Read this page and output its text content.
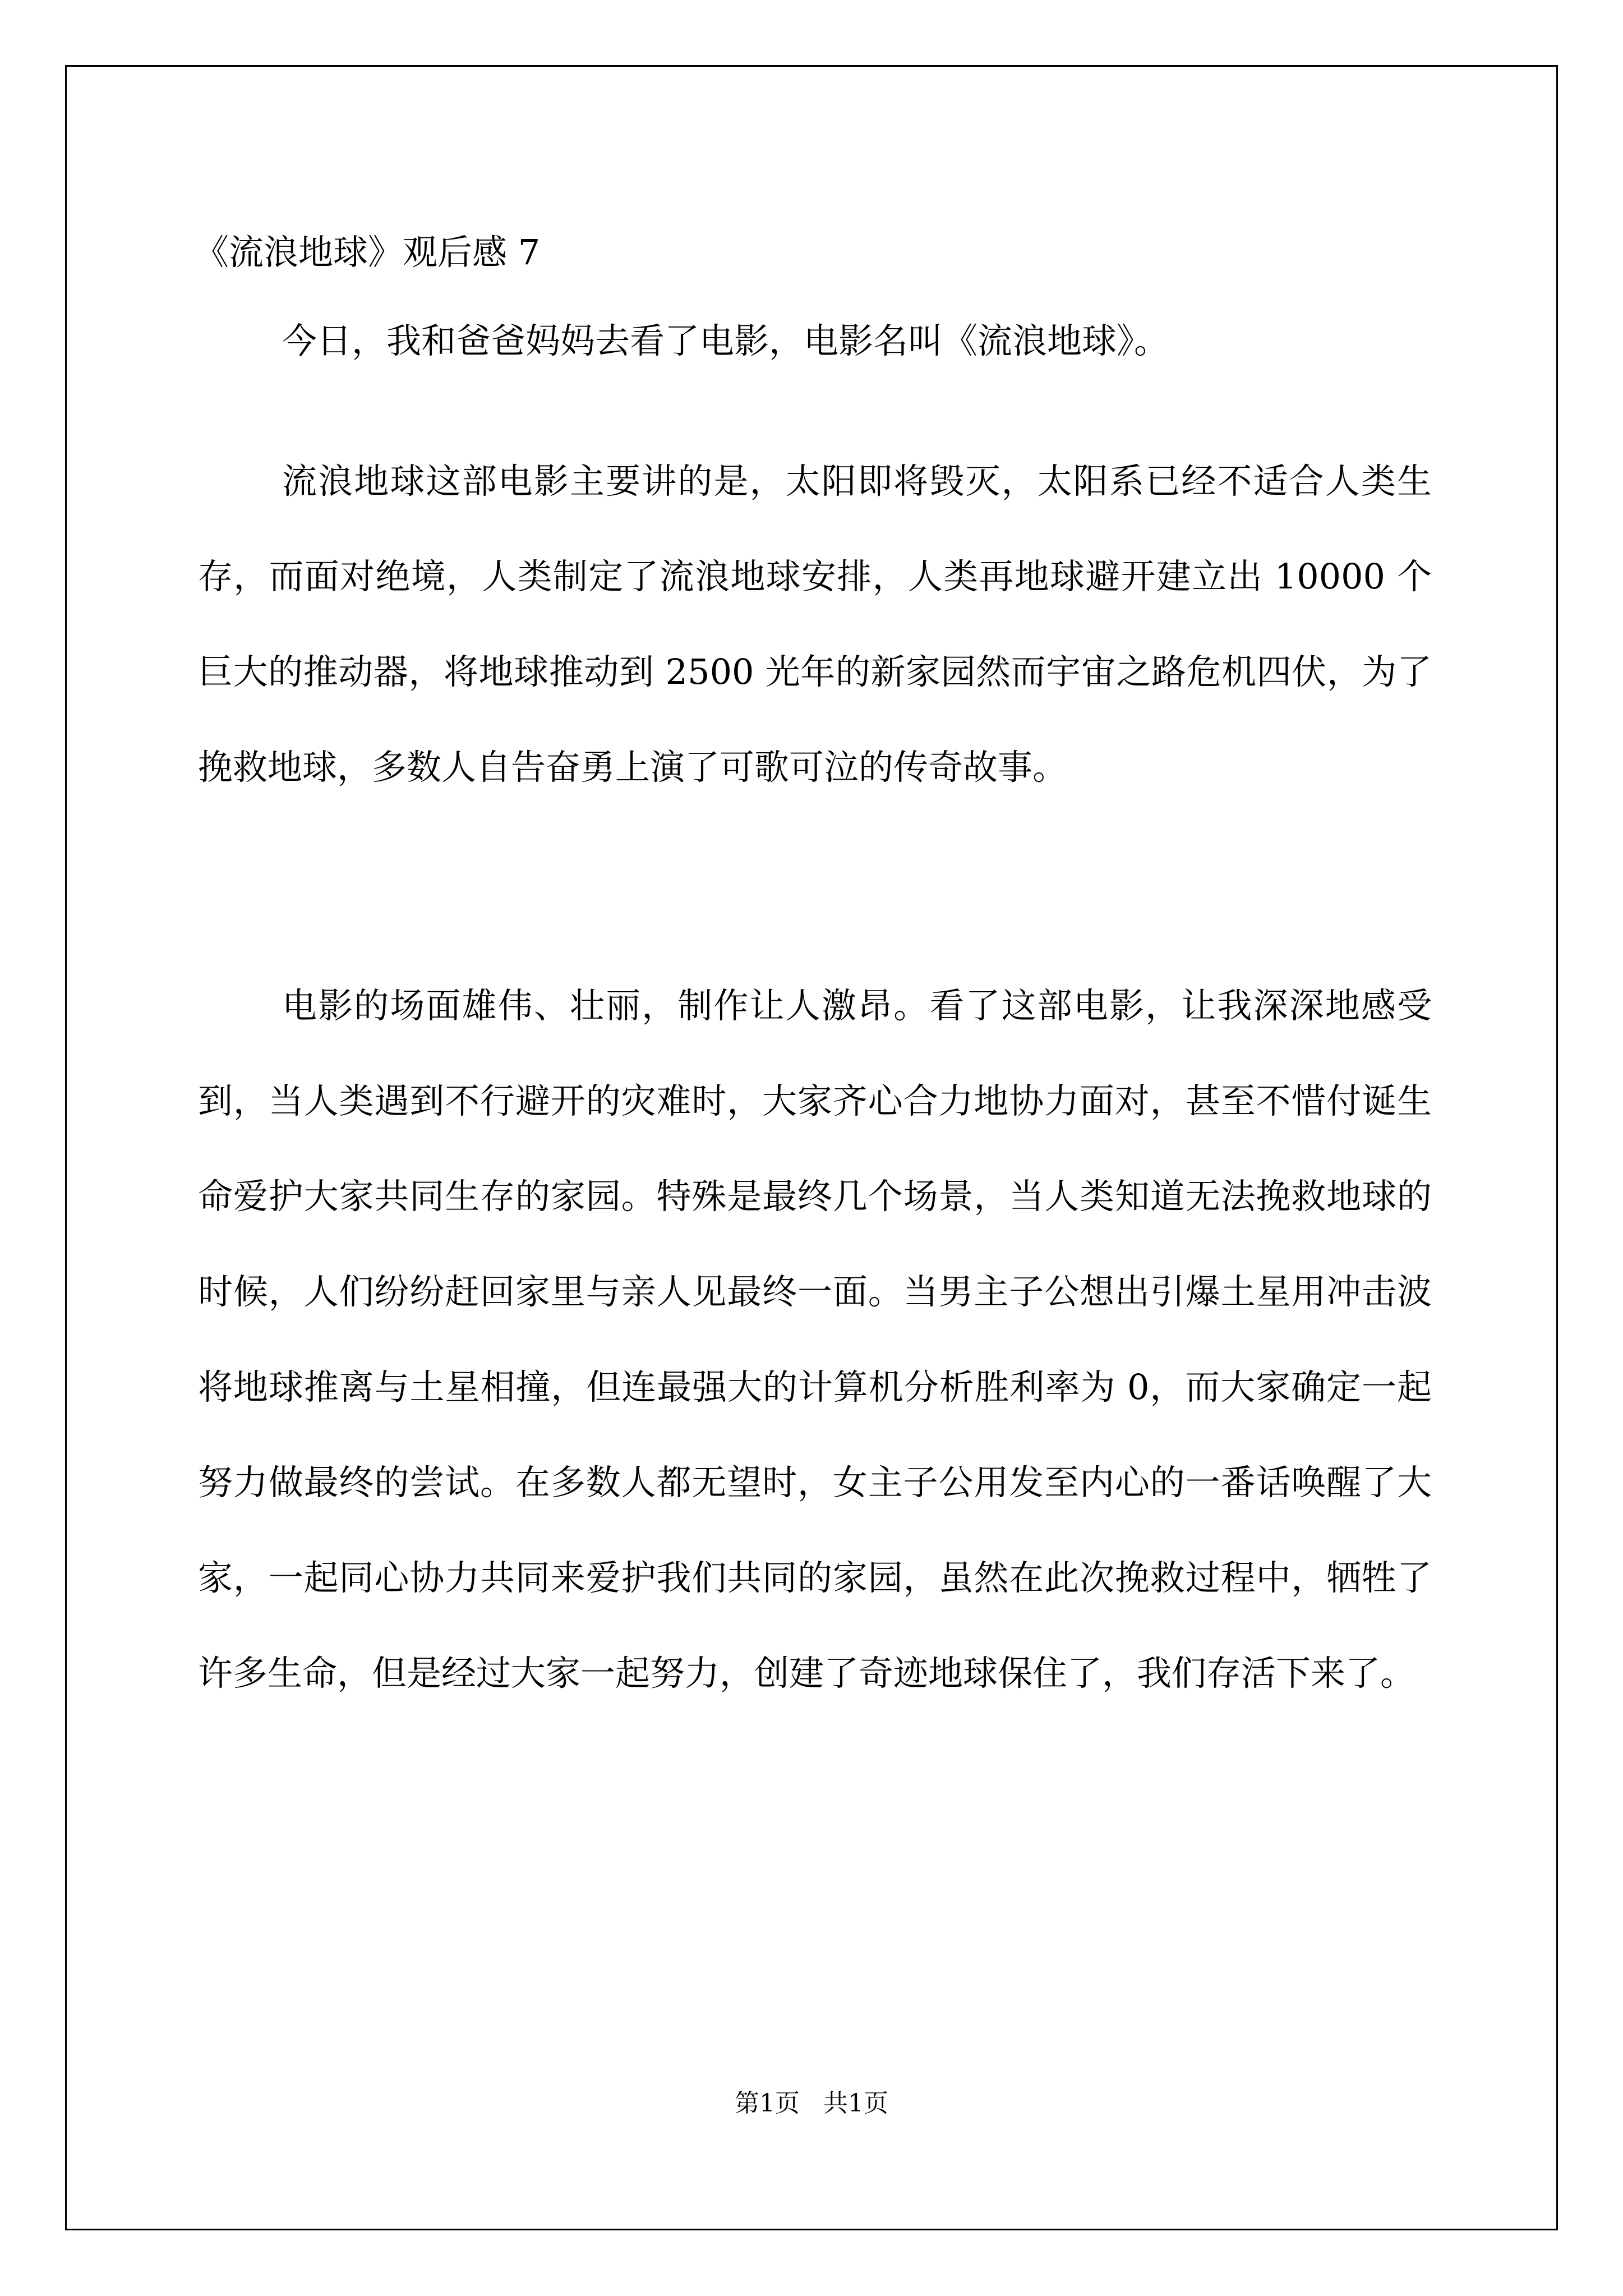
《流浪地球》观后感 7
今日，我和爸爸妈妈去看了电影，电影名叫《流浪地球》。
流浪地球这部电影主要讲的是，太阳即将毁灭，太阳系已经不适合人类生存，而面对绝境，人类制定了流浪地球安排，人类再地球避开建立出 10000 个巨大的推动器，将地球推动到 2500 光年的新家园然而宇宙之路危机四伏，为了挽救地球，多数人自告奋勇上演了可歌可泣的传奇故事。
电影的场面雄伟、壮丽，制作让人激昂。看了这部电影，让我深深地感受到，当人类遇到不行避开的灾难时，大家齐心合力地协力面对，甚至不惜付诞生命爱护大家共同生存的家园。特殊是最终几个场景，当人类知道无法挽救地球的时候，人们纷纷赶回家里与亲人见最终一面。当男主子公想出引爆土星用冲击波将地球推离与土星相撞，但连最强大的计算机分析胜利率为 0，而大家确定一起努力做最终的尝试。在多数人都无望时，女主子公用发至内心的一番话唤醒了大家，一起同心协力共同来爱护我们共同的家园，虽然在此次挽救过程中，牺牲了许多生命，但是经过大家一起努力，创建了奇迹地球保住了，我们存活下来了。
第1页   共1页
